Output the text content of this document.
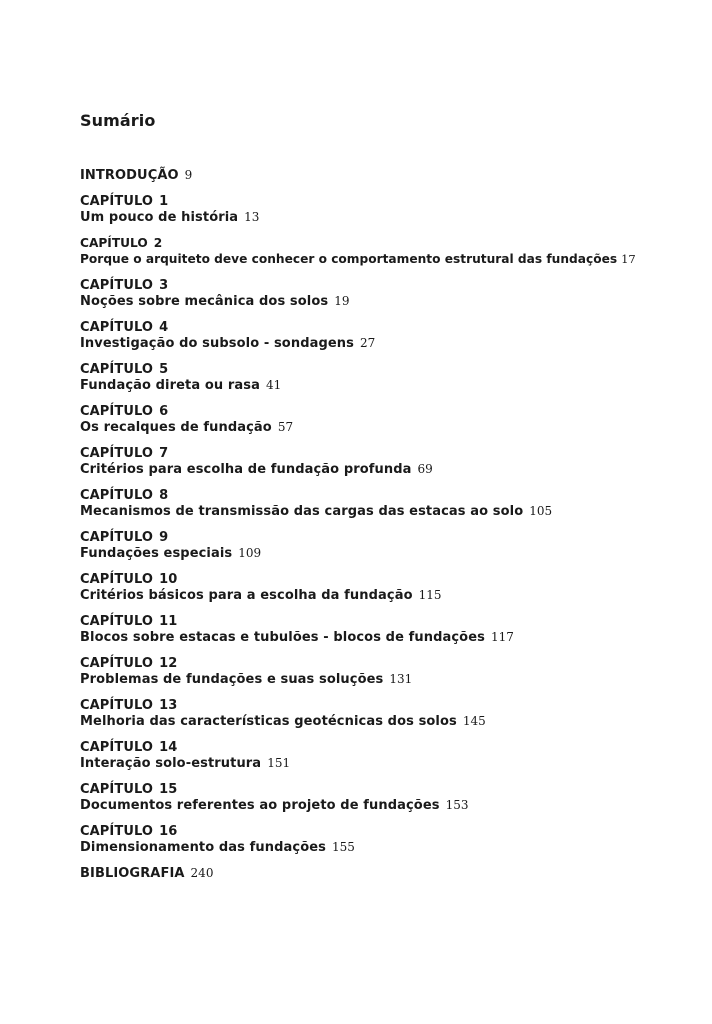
Sumário
INTRODUÇÃO 9
CAPÍTULO 1
Um pouco de história 13
CAPÍTULO 2
Porque o arquiteto deve conhecer o comportamento estrutural das fundações 17
CAPÍTULO 3
Noções sobre mecânica dos solos 19
CAPÍTULO 4
Investigação do subsolo - sondagens 27
CAPÍTULO 5
Fundação direta ou rasa 41
CAPÍTULO 6
Os recalques de fundação 57
CAPÍTULO 7
Critérios para escolha de fundação profunda 69
CAPÍTULO 8
Mecanismos de transmissão das cargas das estacas ao solo 105
CAPÍTULO 9
Fundações especiais 109
CAPÍTULO 10
Critérios básicos para a escolha da fundação 115
CAPÍTULO 11
Blocos sobre estacas e tubulões - blocos de fundações 117
CAPÍTULO 12
Problemas de fundações e suas soluções 131
CAPÍTULO 13
Melhoria das características geotécnicas dos solos 145
CAPÍTULO 14
Interação solo-estrutura 151
CAPÍTULO 15
Documentos referentes ao projeto de fundações 153
CAPÍTULO 16
Dimensionamento das fundações 155
BIBLIOGRAFIA 240
